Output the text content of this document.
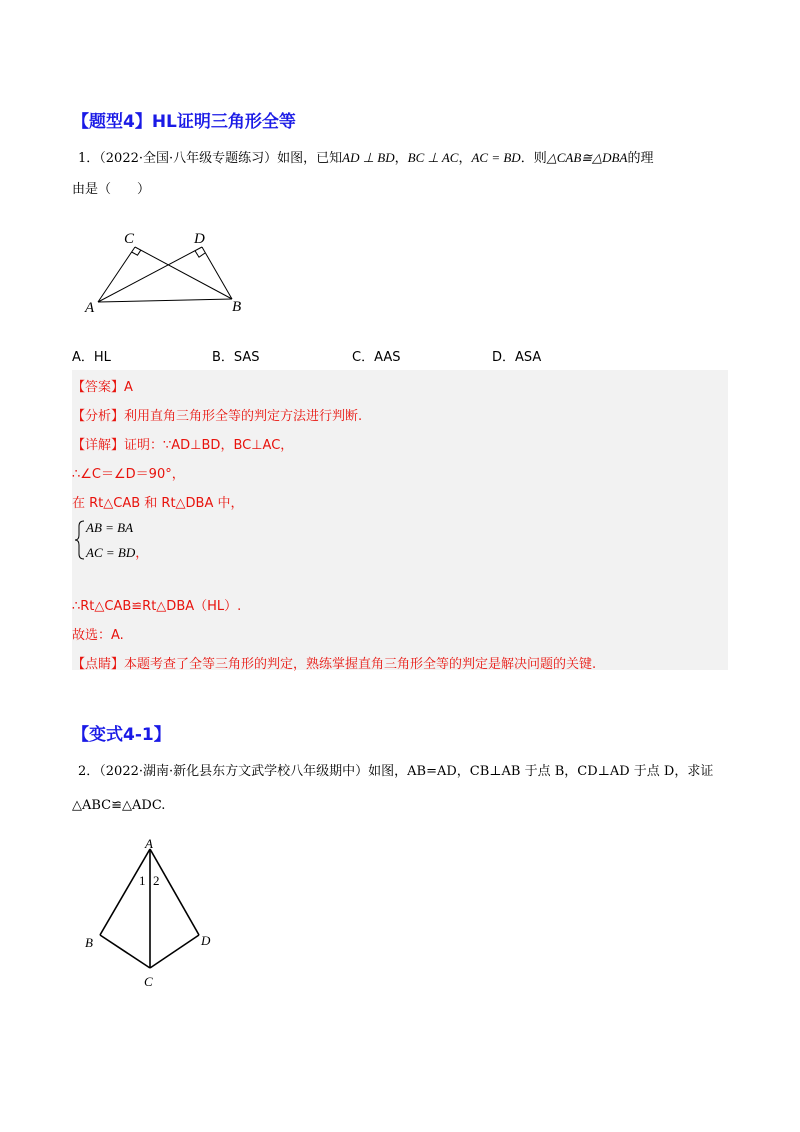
【题型4】HL证明三角形全等
1．（2022·全国·八年级专题练习）如图，已知AD ⊥ BD，BC ⊥ AC，AC = BD．则△CAB≅△DBA的理
由是（　　）
C	D
A	B
A．HL	B．SAS	C．AAS	D．ASA
【答案】A
【分析】利用直角三角形全等的判定方法进行判断.
【详解】证明：∵AD⊥BD，BC⊥AC，
∴∠C＝∠D＝90°，
在 Rt△CAB 和 Rt△DBA 中，
AB = BA
AC = BD，
∴Rt△CAB≌Rt△DBA（HL）.
故选：A.
【点睛】本题考查了全等三角形的判定，熟练掌握直角三角形全等的判定是解决问题的关键.
【变式4-1】
2．（2022·湖南·新化县东方文武学校八年级期中）如图，AB=AD，CB⊥AB 于点 B，CD⊥AD 于点 D，求证
△ABC≌△ADC.
A
B
C
D
1 2
